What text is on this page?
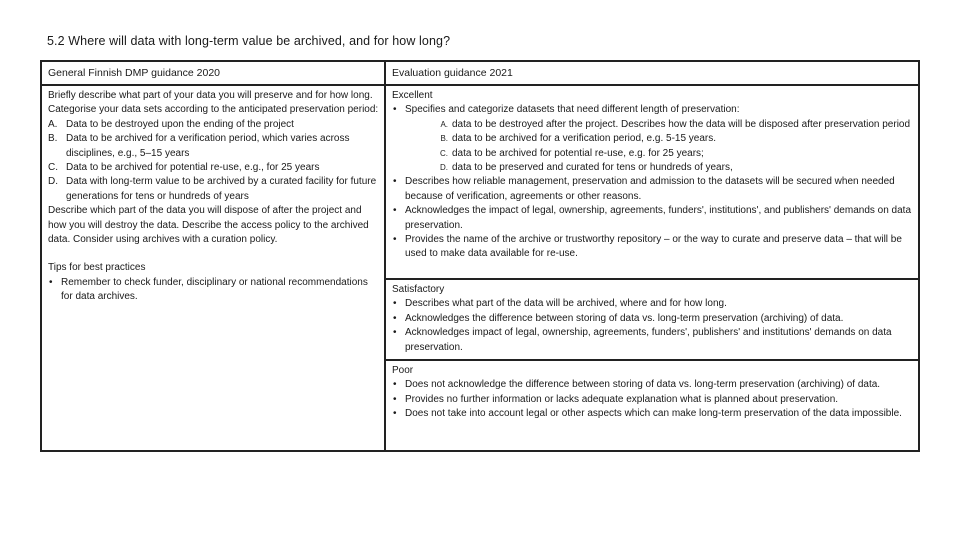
5.2 Where will data with long-term value be archived, and for how long?
General Finnish DMP guidance 2020	Evaluation guidance 2021

Briefly describe what part of your data you will preserve and for how long. Categorise your data sets according to the anticipated preservation period:

A. Data to be destroyed upon the ending of the project
B. Data to be archived for a verification period, which varies across disciplines, e.g., 5–15 years
C. Data to be archived for potential re-use, e.g., for 25 years
D. Data with long-term value to be archived by a curated facility for future generations for tens or hundreds of years

Describe which part of the data you will dispose of after the project and how you will destroy the data. Describe the access policy to the archived data. Consider using archives with a curation policy.

Tips for best practices

• Remember to check funder, disciplinary or national recommendations for data archives.

Excellent

• Specifies and categorize datasets that need different length of preservation:
A. data to be destroyed after the project. Describes how the data will be disposed after preservation period
B. data to be archived for a verification period, e.g. 5-15 years.
C. data to be archived for potential re-use, e.g. for 25 years;
D. data to be preserved and curated for tens or hundreds of years,
• Describes how reliable management, preservation and admission to the datasets will be secured when needed because of verification, agreements or other reasons.
• Acknowledges the impact of legal, ownership, agreements, funders', institutions', and publishers' demands on data preservation.
• Provides the name of the archive or trustworthy repository – or the way to curate and preserve data – that will be used to make data available for re-use.

Satisfactory

• Describes what part of the data will be archived, where and for how long.
• Acknowledges the difference between storing of data vs. long-term preservation (archiving) of data.
• Acknowledges impact of legal, ownership, agreements, funders', publishers' and institutions' demands on data preservation.

Poor

• Does not acknowledge the difference between storing of data vs. long-term preservation (archiving) of data.
• Provides no further information or lacks adequate explanation what is planned about preservation.
• Does not take into account legal or other aspects which can make long-term preservation of the data impossible.
